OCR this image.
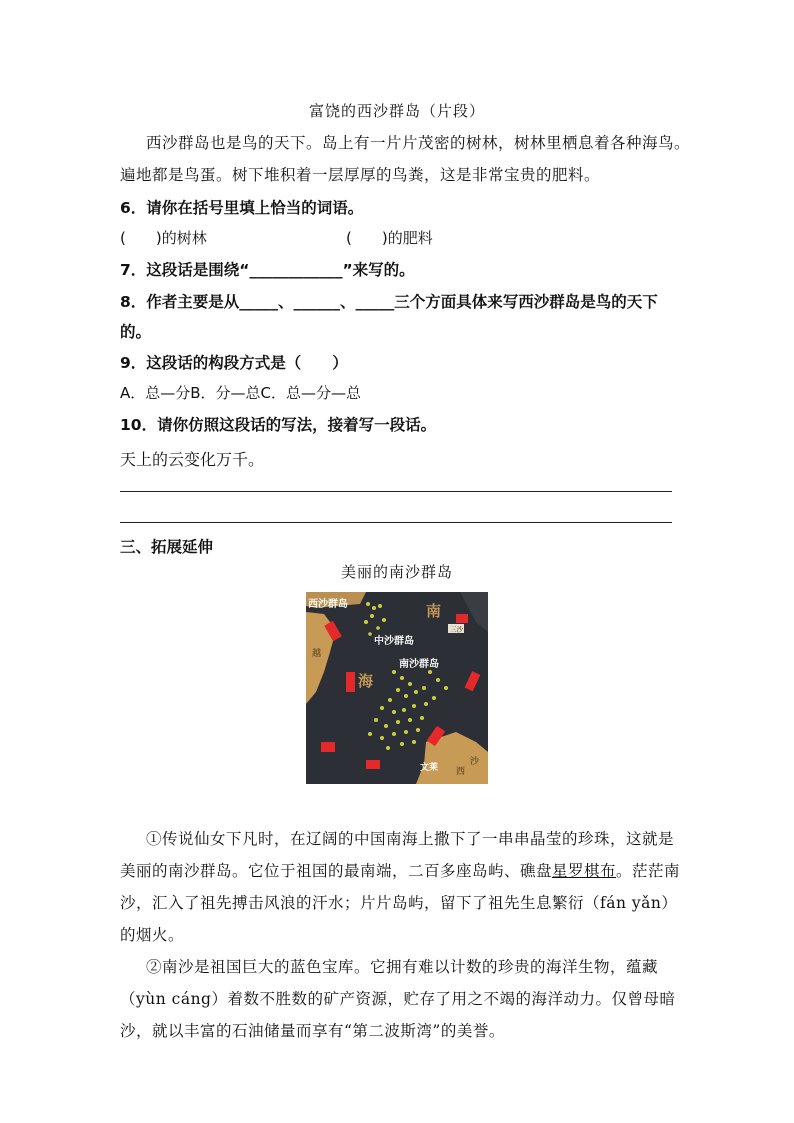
富饶的西沙群岛（片段）
西沙群岛也是鸟的天下。岛上有一片片茂密的树林，树林里栖息着各种海鸟。
遍地都是鸟蛋。树下堆积着一层厚厚的鸟粪，这是非常宝贵的肥料。
6．请你在括号里填上恰当的词语。
(　　)的树林	(　　)的肥料
7．这段话是围绕“____________”来写的。
8．作者主要是从_____、______、_____三个方面具体来写西沙群岛是鸟的天下
的。
9．这段话的构段方式是（　　）
A．总—分B．分—总C．总—分—总
10．请你仿照这段话的写法，接着写一段话。
天上的云变化万千。
三、拓展延伸
美丽的南沙群岛
西沙群岛
中沙群岛
南沙群岛
南
海
越
文莱 西
沙
三沙
①传说仙女下凡时，在辽阔的中国南海上撒下了一串串晶莹的珍珠，这就是
美丽的南沙群岛。它位于祖国的最南端，二百多座岛屿、礁盘星罗棋布。茫茫南
沙，汇入了祖先搏击风浪的汗水；片片岛屿，留下了祖先生息繁衍（fán yǎn）
的烟火。
②南沙是祖国巨大的蓝色宝库。它拥有难以计数的珍贵的海洋生物，蕴藏
（yùn cáng）着数不胜数的矿产资源，贮存了用之不竭的海洋动力。仅曾母暗
沙，就以丰富的石油储量而享有“第二波斯湾”的美誉。
